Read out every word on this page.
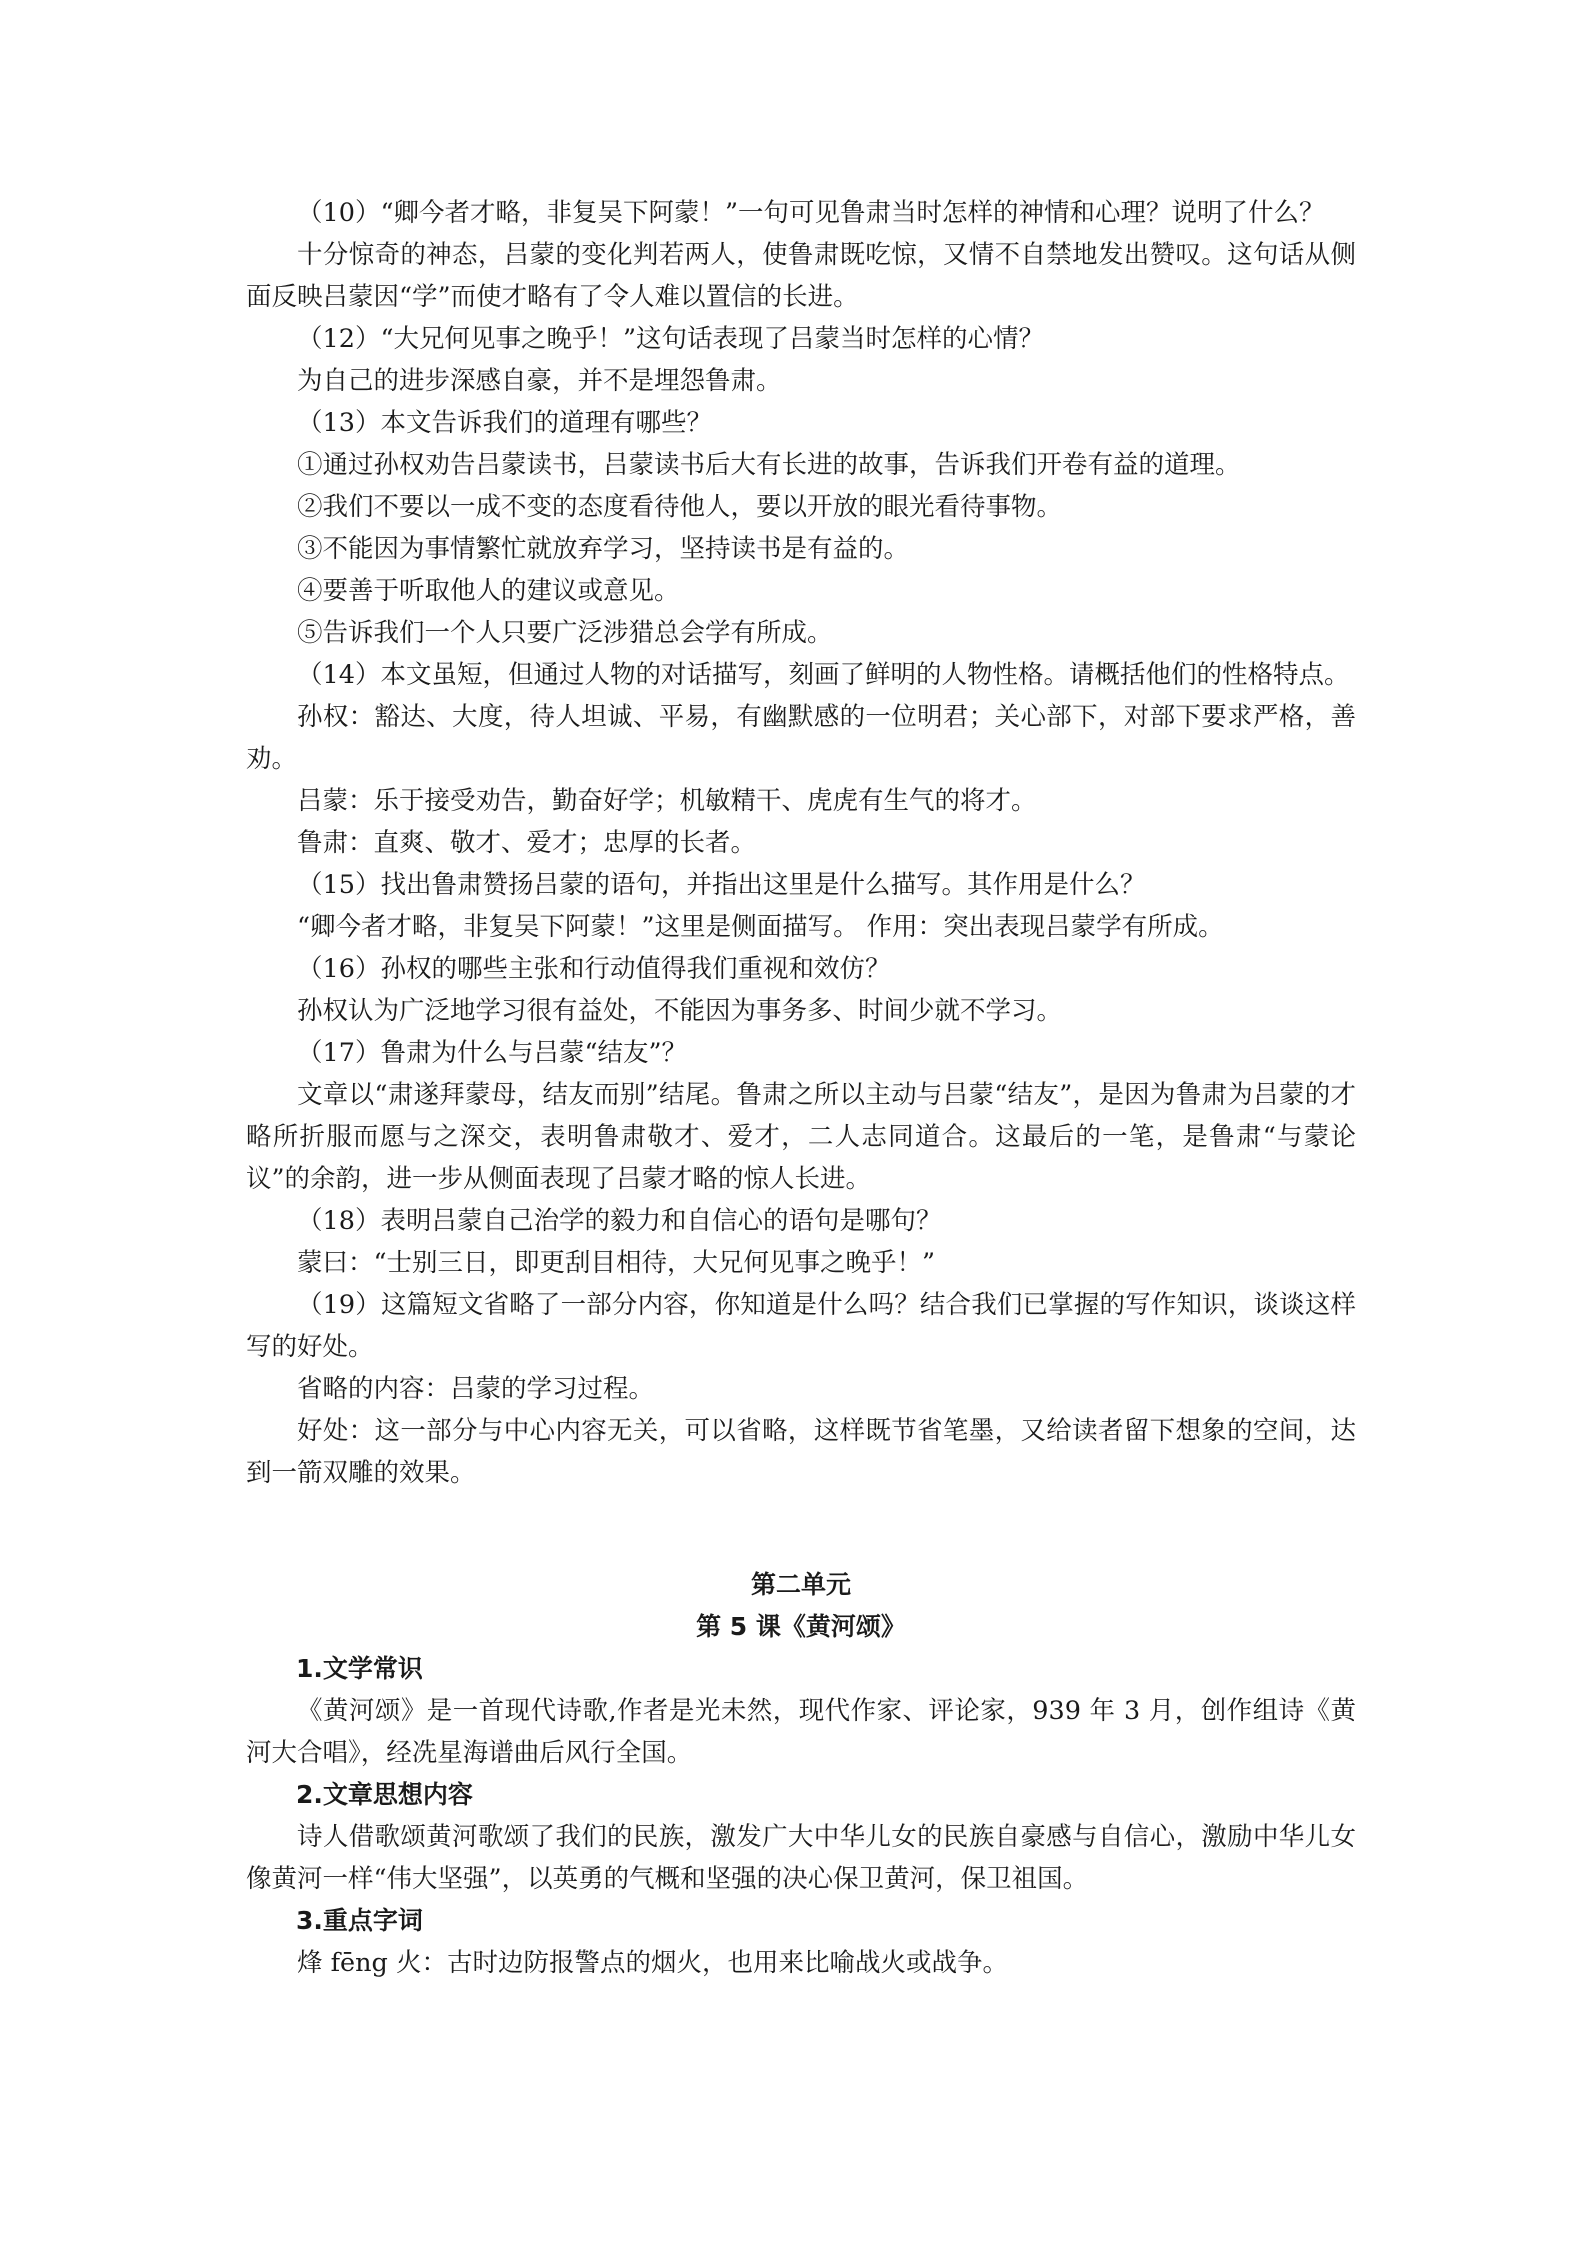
（10）“卿今者才略，非复吴下阿蒙！”一句可见鲁肃当时怎样的神情和心理？说明了什么？

十分惊奇的神态，吕蒙的变化判若两人，使鲁肃既吃惊，又情不自禁地发出赞叹。这句话从侧面反映吕蒙因“学”而使才略有了令人难以置信的长进。

（12）“大兄何见事之晚乎！”这句话表现了吕蒙当时怎样的心情？

为自己的进步深感自豪，并不是埋怨鲁肃。

（13）本文告诉我们的道理有哪些？

①通过孙权劝告吕蒙读书，吕蒙读书后大有长进的故事，告诉我们开卷有益的道理。

②我们不要以一成不变的态度看待他人，要以开放的眼光看待事物。

③不能因为事情繁忙就放弃学习，坚持读书是有益的。

④要善于听取他人的建议或意见。

⑤告诉我们一个人只要广泛涉猎总会学有所成。

（14）本文虽短，但通过人物的对话描写，刻画了鲜明的人物性格。请概括他们的性格特点。

孙权：豁达、大度，待人坦诚、平易，有幽默感的一位明君；关心部下，对部下要求严格，善劝。

吕蒙：乐于接受劝告，勤奋好学；机敏精干、虎虎有生气的将才。

鲁肃：直爽、敬才、爱才；忠厚的长者。

（15）找出鲁肃赞扬吕蒙的语句，并指出这里是什么描写。其作用是什么？

“卿今者才略，非复吴下阿蒙！”这里是侧面描写。 作用：突出表现吕蒙学有所成。

（16）孙权的哪些主张和行动值得我们重视和效仿？

孙权认为广泛地学习很有益处，不能因为事务多、时间少就不学习。

（17）鲁肃为什么与吕蒙“结友”？

文章以“肃遂拜蒙母，结友而别”结尾。鲁肃之所以主动与吕蒙“结友”，是因为鲁肃为吕蒙的才略所折服而愿与之深交，表明鲁肃敬才、爱才，二人志同道合。这最后的一笔，是鲁肃“与蒙论议”的余韵，进一步从侧面表现了吕蒙才略的惊人长进。

（18）表明吕蒙自己治学的毅力和自信心的语句是哪句？

蒙曰：“士别三日，即更刮目相待，大兄何见事之晚乎！”

（19）这篇短文省略了一部分内容，你知道是什么吗？结合我们已掌握的写作知识，谈谈这样写的好处。

省略的内容：吕蒙的学习过程。

好处：这一部分与中心内容无关，可以省略，这样既节省笔墨，又给读者留下想象的空间，达到一箭双雕的效果。

第二单元

第 5 课《黄河颂》

1.文学常识

《黄河颂》是一首现代诗歌,作者是光未然，现代作家、评论家，939 年 3 月，创作组诗《黄河大合唱》，经冼星海谱曲后风行全国。

2.文章思想内容

诗人借歌颂黄河歌颂了我们的民族，激发广大中华儿女的民族自豪感与自信心，激励中华儿女像黄河一样“伟大坚强”，以英勇的气概和坚强的决心保卫黄河，保卫祖国。

3.重点字词

烽 fēng 火：古时边防报警点的烟火，也用来比喻战火或战争。
